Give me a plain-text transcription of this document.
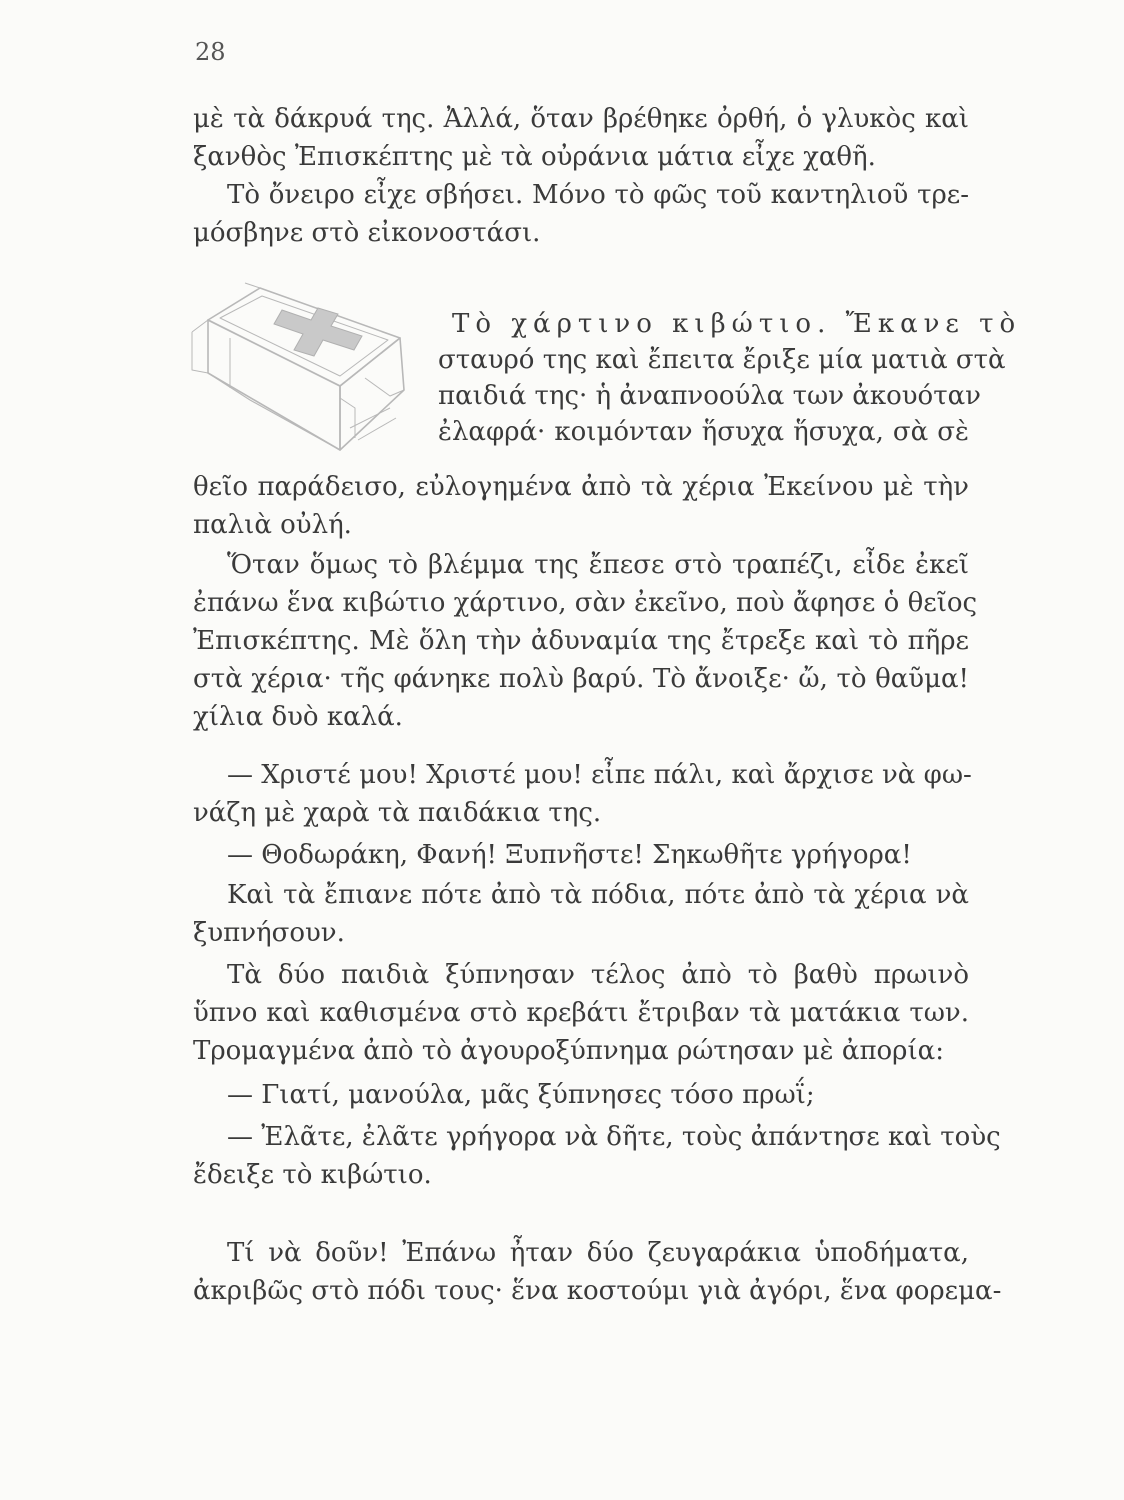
28
μὲ τὰ δάκρυά της. Ἀλλά, ὅταν βρέθηκε ὀρθή, ὁ γλυκὸς καὶ
ξανθὸς Ἐπισκέπτης μὲ τὰ οὐράνια μάτια εἶχε χαθῆ.
Τὸ ὄνειρο εἶχε σβήσει. Μόνο τὸ φῶς τοῦ καντηλιοῦ τρε-
μόσβηνε στὸ εἰκονοστάσι.
Τὸ χάρτινο κιβώτιο. Ἔκανε τὸ
σταυρό της καὶ ἔπειτα ἔριξε μία ματιὰ στὰ
παιδιά της· ἡ ἀναπνοούλα των ἀκουόταν
ἐλαφρά· κοιμόνταν ἥσυχα ἥσυχα, σὰ σὲ
θεῖο παράδεισο, εὐλογημένα ἀπὸ τὰ χέρια Ἐκείνου μὲ τὴν
παλιὰ οὐλή.
Ὅταν ὅμως τὸ βλέμμα της ἔπεσε στὸ τραπέζι, εἶδε ἐκεῖ
ἐπάνω ἕνα κιβώτιο χάρτινο, σὰν ἐκεῖνο, ποὺ ἄφησε ὁ θεῖος
Ἐπισκέπτης. Μὲ ὅλη τὴν ἀδυναμία της ἔτρεξε καὶ τὸ πῆρε
στὰ χέρια· τῆς φάνηκε πολὺ βαρύ. Τὸ ἄνοιξε· ὤ, τὸ θαῦμα!
χίλια δυὸ καλά.
— Χριστέ μου! Χριστέ μου! εἶπε πάλι, καὶ ἄρχισε νὰ φω-
νάζη μὲ χαρὰ τὰ παιδάκια της.
— Θοδωράκη, Φανή! Ξυπνῆστε! Σηκωθῆτε γρήγορα!
Καὶ τὰ ἔπιανε πότε ἀπὸ τὰ πόδια, πότε ἀπὸ τὰ χέρια νὰ
ξυπνήσουν.
Τὰ δύο παιδιὰ ξύπνησαν τέλος ἀπὸ τὸ βαθὺ πρωινὸ
ὕπνο καὶ καθισμένα στὸ κρεβάτι ἔτριβαν τὰ ματάκια των.
Τρομαγμένα ἀπὸ τὸ ἀγουροξύπνημα ρώτησαν μὲ ἀπορία:
— Γιατί, μανούλα, μᾶς ξύπνησες τόσο πρωΐ;
— Ἐλᾶτε, ἐλᾶτε γρήγορα νὰ δῆτε, τοὺς ἀπάντησε καὶ τοὺς
ἔδειξε τὸ κιβώτιο.
Τί νὰ δοῦν! Ἐπάνω ἦταν δύο ζευγαράκια ὑποδήματα,
ἀκριβῶς στὸ πόδι τους· ἕνα κοστούμι γιὰ ἀγόρι, ἕνα φορεμα-
